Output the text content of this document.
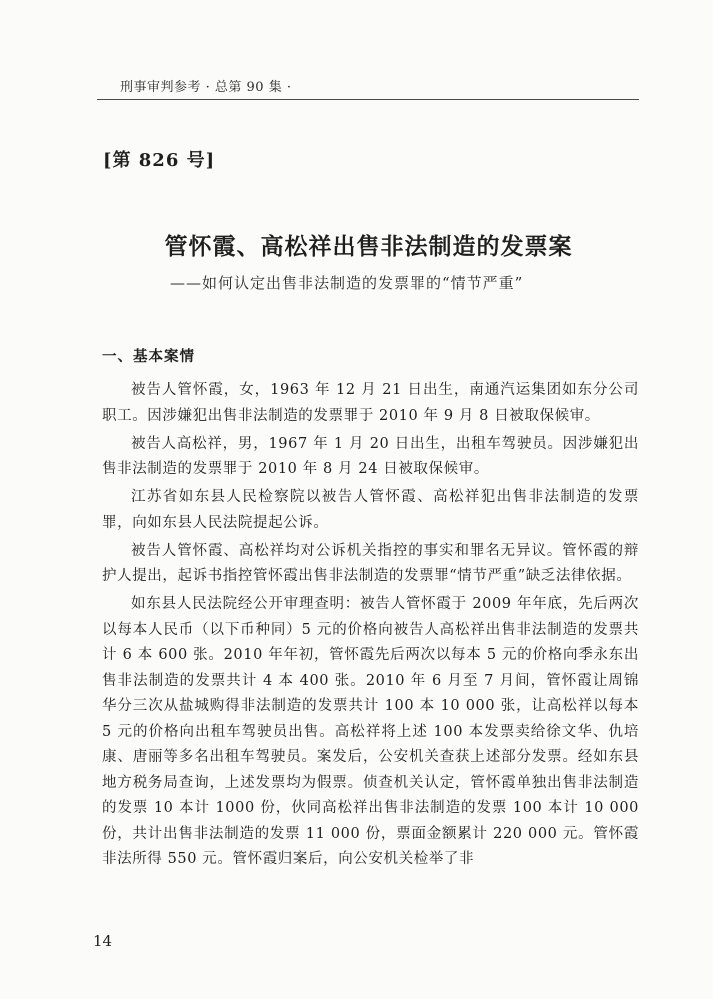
刑事审判参考 · 总第 90 集 ·
[第 826 号]
管怀霞、高松祥出售非法制造的发票案
——如何认定出售非法制造的发票罪的“情节严重”
一、基本案情

被告人管怀霞，女，1963 年 12 月 21 日出生，南通汽运集团如东分公司职工。因涉嫌犯出售非法制造的发票罪于 2010 年 9 月 8 日被取保候审。

被告人高松祥，男，1967 年 1 月 20 日出生，出租车驾驶员。因涉嫌犯出售非法制造的发票罪于 2010 年 8 月 24 日被取保候审。

江苏省如东县人民检察院以被告人管怀霞、高松祥犯出售非法制造的发票罪，向如东县人民法院提起公诉。

被告人管怀霞、高松祥均对公诉机关指控的事实和罪名无异议。管怀霞的辩护人提出，起诉书指控管怀霞出售非法制造的发票罪“情节严重”缺乏法律依据。

如东县人民法院经公开审理查明：被告人管怀霞于 2009 年年底，先后两次以每本人民币（以下币种同）5 元的价格向被告人高松祥出售非法制造的发票共计 6 本 600 张。2010 年年初，管怀霞先后两次以每本 5 元的价格向季永东出售非法制造的发票共计 4 本 400 张。2010 年 6 月至 7 月间，管怀霞让周锦华分三次从盐城购得非法制造的发票共计 100 本 10 000 张，让高松祥以每本 5 元的价格向出租车驾驶员出售。高松祥将上述 100 本发票卖给徐文华、仇培康、唐丽等多名出租车驾驶员。案发后，公安机关查获上述部分发票。经如东县地方税务局查询，上述发票均为假票。侦查机关认定，管怀霞单独出售非法制造的发票 10 本计 1000 份，伙同高松祥出售非法制造的发票 100 本计 10 000 份，共计出售非法制造的发票 11 000 份，票面金额累计 220 000 元。管怀霞非法所得 550 元。管怀霞归案后，向公安机关检举了非

14
